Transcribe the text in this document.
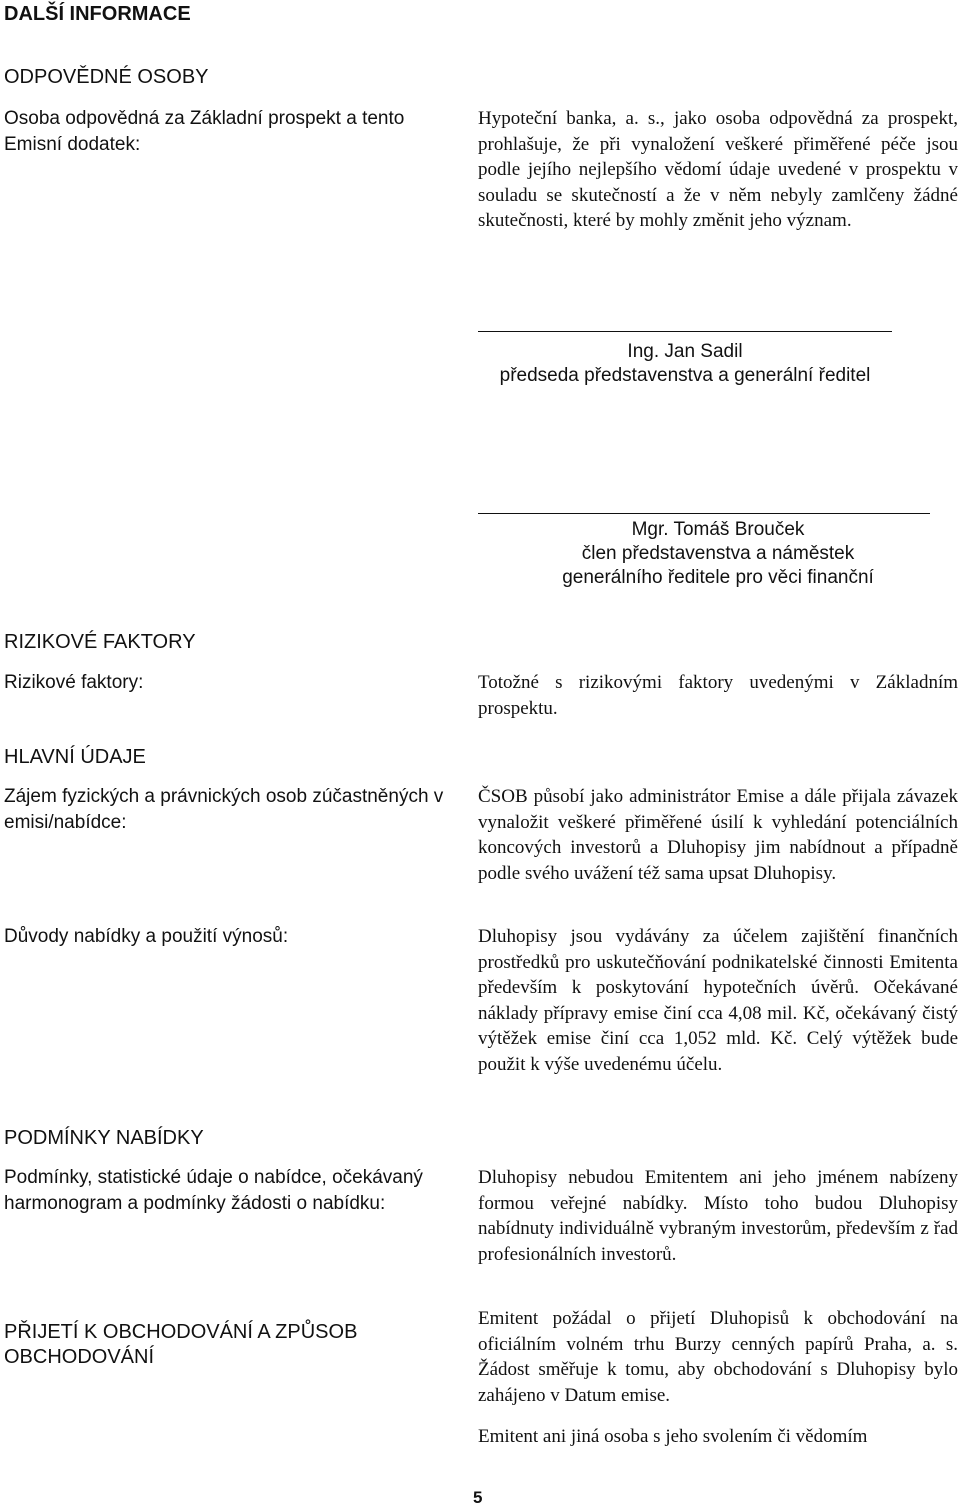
DALŠÍ INFORMACE
ODPOVĚDNÉ OSOBY
Osoba odpovědná za Základní prospekt a tento Emisní dodatek:
Hypoteční banka, a. s., jako osoba odpovědná za prospekt, prohlašuje, že při vynaložení veškeré přiměřené péče jsou podle jejího nejlepšího vědomí údaje uvedené v prospektu v souladu se skutečností a že v něm nebyly zamlčeny žádné skutečnosti, které by mohly změnit jeho význam.
Ing. Jan Sadil
předseda představenstva a generální ředitel
Mgr. Tomáš Brouček
člen představenstva a náměstek generálního ředitele pro věci finanční
RIZIKOVÉ FAKTORY
Rizikové faktory:	Totožné s rizikovými faktory uvedenými v Základním prospektu.
HLAVNÍ ÚDAJE
Zájem fyzických a právnických osob zúčastněných v emisi/nabídce:
ČSOB působí jako administrátor Emise a dále přijala závazek vynaložit veškeré přiměřené úsilí k vyhledání potenciálních koncových investorů a Dluhopisy jim nabídnout a případně podle svého uvážení též sama upsat Dluhopisy.
Důvody nabídky a použití výnosů:	Dluhopisy jsou vydávány za účelem zajištění finančních prostředků pro uskutečňování podnikatelské činnosti Emitenta především k poskytování hypotečních úvěrů. Očekávané náklady přípravy emise činí cca 4,08 mil. Kč, očekávaný čistý výtěžek emise činí cca 1,052 mld. Kč. Celý výtěžek bude použit k výše uvedenému účelu.
PODMÍNKY NABÍDKY
Podmínky, statistické údaje o nabídce, očekávaný harmonogram a podmínky žádosti o nabídku:
Dluhopisy nebudou Emitentem ani jeho jménem nabízeny formou veřejné nabídky. Místo toho budou Dluhopisy nabídnuty individuálně vybraným investorům, především z řad profesionálních investorů.
PŘIJETÍ K OBCHODOVÁNÍ A ZPŮSOB OBCHODOVÁNÍ
Emitent požádal o přijetí Dluhopisů k obchodování na oficiálním volném trhu Burzy cenných papírů Praha, a. s. Žádost směřuje k tomu, aby obchodování s Dluhopisy bylo zahájeno v Datum emise.
Emitent ani jiná osoba s jeho svolením či vědomím
5
